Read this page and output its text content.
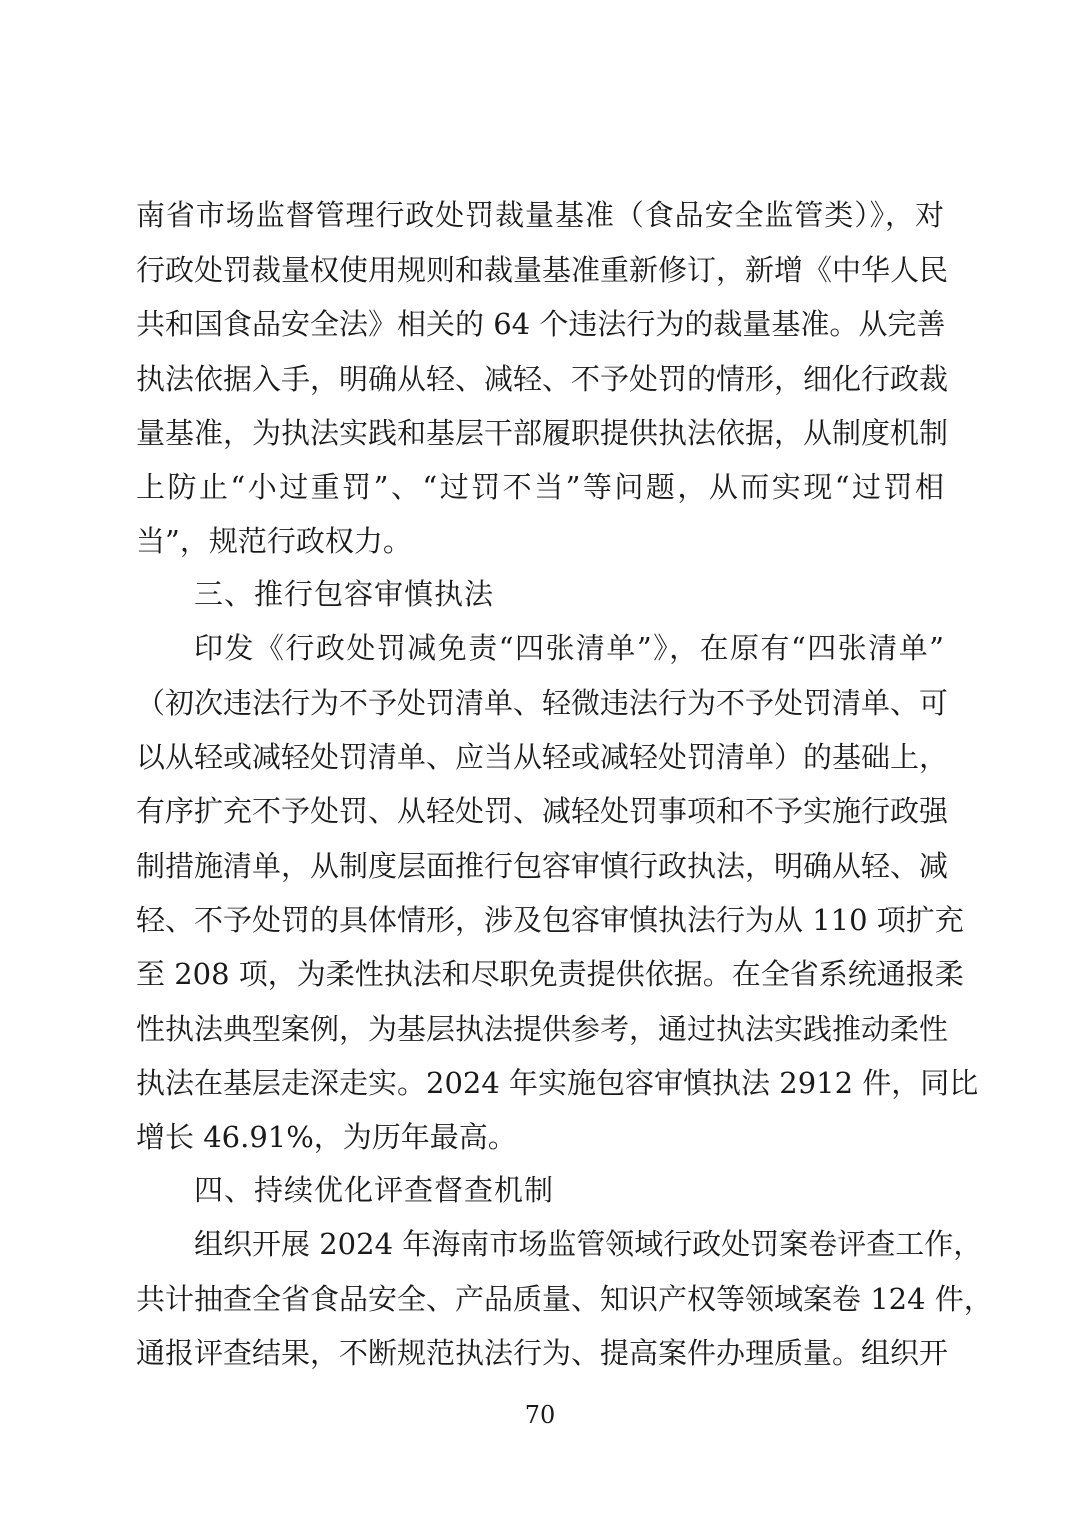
南省市场监督管理行政处罚裁量基准（食品安全监管类）》，对
行政处罚裁量权使用规则和裁量基准重新修订，新增《中华人民
共和国食品安全法》相关的 64 个违法行为的裁量基准。从完善
执法依据入手，明确从轻、减轻、不予处罚的情形，细化行政裁
量基准，为执法实践和基层干部履职提供执法依据，从制度机制
上防止“小过重罚”、“过罚不当”等问题，从而实现“过罚相
当”，规范行政权力。
三、推行包容审慎执法
印发《行政处罚减免责“四张清单”》，在原有“四张清单”
（初次违法行为不予处罚清单、轻微违法行为不予处罚清单、可
以从轻或减轻处罚清单、应当从轻或减轻处罚清单）的基础上，
有序扩充不予处罚、从轻处罚、减轻处罚事项和不予实施行政强
制措施清单，从制度层面推行包容审慎行政执法，明确从轻、减
轻、不予处罚的具体情形，涉及包容审慎执法行为从 110 项扩充
至 208 项，为柔性执法和尽职免责提供依据。在全省系统通报柔
性执法典型案例，为基层执法提供参考，通过执法实践推动柔性
执法在基层走深走实。2024 年实施包容审慎执法 2912 件，同比
增长 46.91%，为历年最高。
四、持续优化评查督查机制
组织开展 2024 年海南市场监管领域行政处罚案卷评查工作，
共计抽查全省食品安全、产品质量、知识产权等领域案卷 124 件，
通报评查结果，不断规范执法行为、提高案件办理质量。组织开
70
